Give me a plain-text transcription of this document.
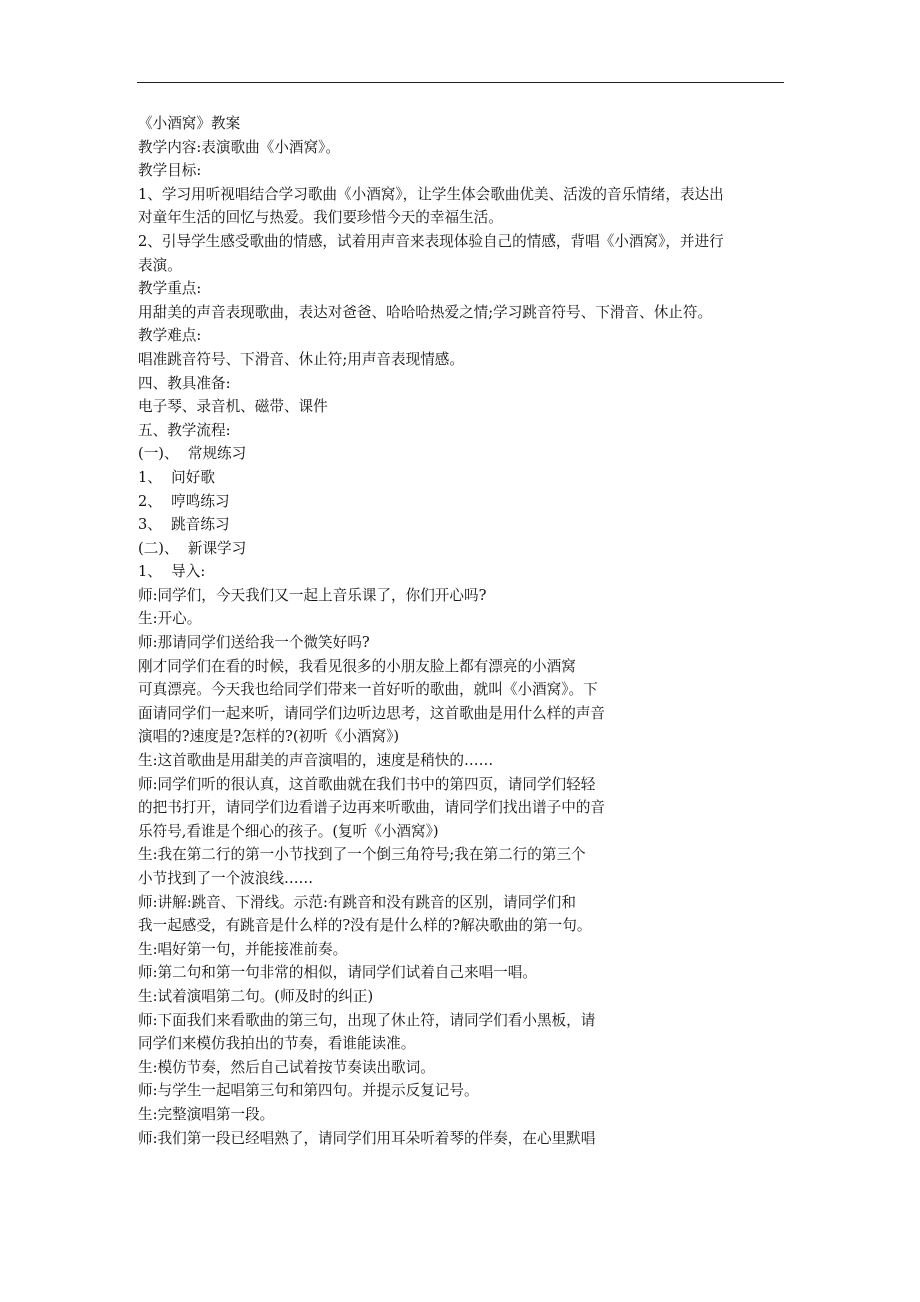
《小酒窝》教案
教学内容:表演歌曲《小酒窝》。
教学目标:
1、学习用听视唱结合学习歌曲《小酒窝》，让学生体会歌曲优美、活泼的音乐情绪，表达出
对童年生活的回忆与热爱。我们要珍惜今天的幸福生活。
2、引导学生感受歌曲的情感，试着用声音来表现体验自己的情感，背唱《小酒窝》，并进行
表演。
教学重点:
用甜美的声音表现歌曲，表达对爸爸、哈哈哈热爱之情;学习跳音符号、下滑音、休止符。
教学难点:
唱准跳音符号、下滑音、休止符;用声音表现情感。
四、教具准备:
电子琴、录音机、磁带、课件
五、教学流程:
(一)、  常规练习
1、  问好歌
2、  哼鸣练习
3、  跳音练习
(二)、  新课学习
1、  导入:
师:同学们，今天我们又一起上音乐课了，你们开心吗?
生:开心。
师:那请同学们送给我一个微笑好吗?
刚才同学们在看的时候，我看见很多的小朋友脸上都有漂亮的小酒窝
可真漂亮。今天我也给同学们带来一首好听的歌曲，就叫《小酒窝》。下
面请同学们一起来听，请同学们边听边思考，这首歌曲是用什么样的声音
演唱的?速度是?怎样的?(初听《小酒窝》)
生:这首歌曲是用甜美的声音演唱的，速度是稍快的……
师:同学们听的很认真，这首歌曲就在我们书中的第四页，请同学们轻轻
的把书打开，请同学们边看谱子边再来听歌曲，请同学们找出谱子中的音
乐符号,看谁是个细心的孩子。(复听《小酒窝》)
生:我在第二行的第一小节找到了一个倒三角符号;我在第二行的第三个
小节找到了一个波浪线……
师:讲解:跳音、下滑线。示范:有跳音和没有跳音的区别，请同学们和
我一起感受，有跳音是什么样的?没有是什么样的?解决歌曲的第一句。
生:唱好第一句，并能接准前奏。
师:第二句和第一句非常的相似，请同学们试着自己来唱一唱。
生:试着演唱第二句。(师及时的纠正)
师:下面我们来看歌曲的第三句，出现了休止符，请同学们看小黑板，请
同学们来模仿我拍出的节奏，看谁能读准。
生:模仿节奏，然后自己试着按节奏读出歌词。
师:与学生一起唱第三句和第四句。并提示反复记号。
生:完整演唱第一段。
师:我们第一段已经唱熟了，请同学们用耳朵听着琴的伴奏，在心里默唱
